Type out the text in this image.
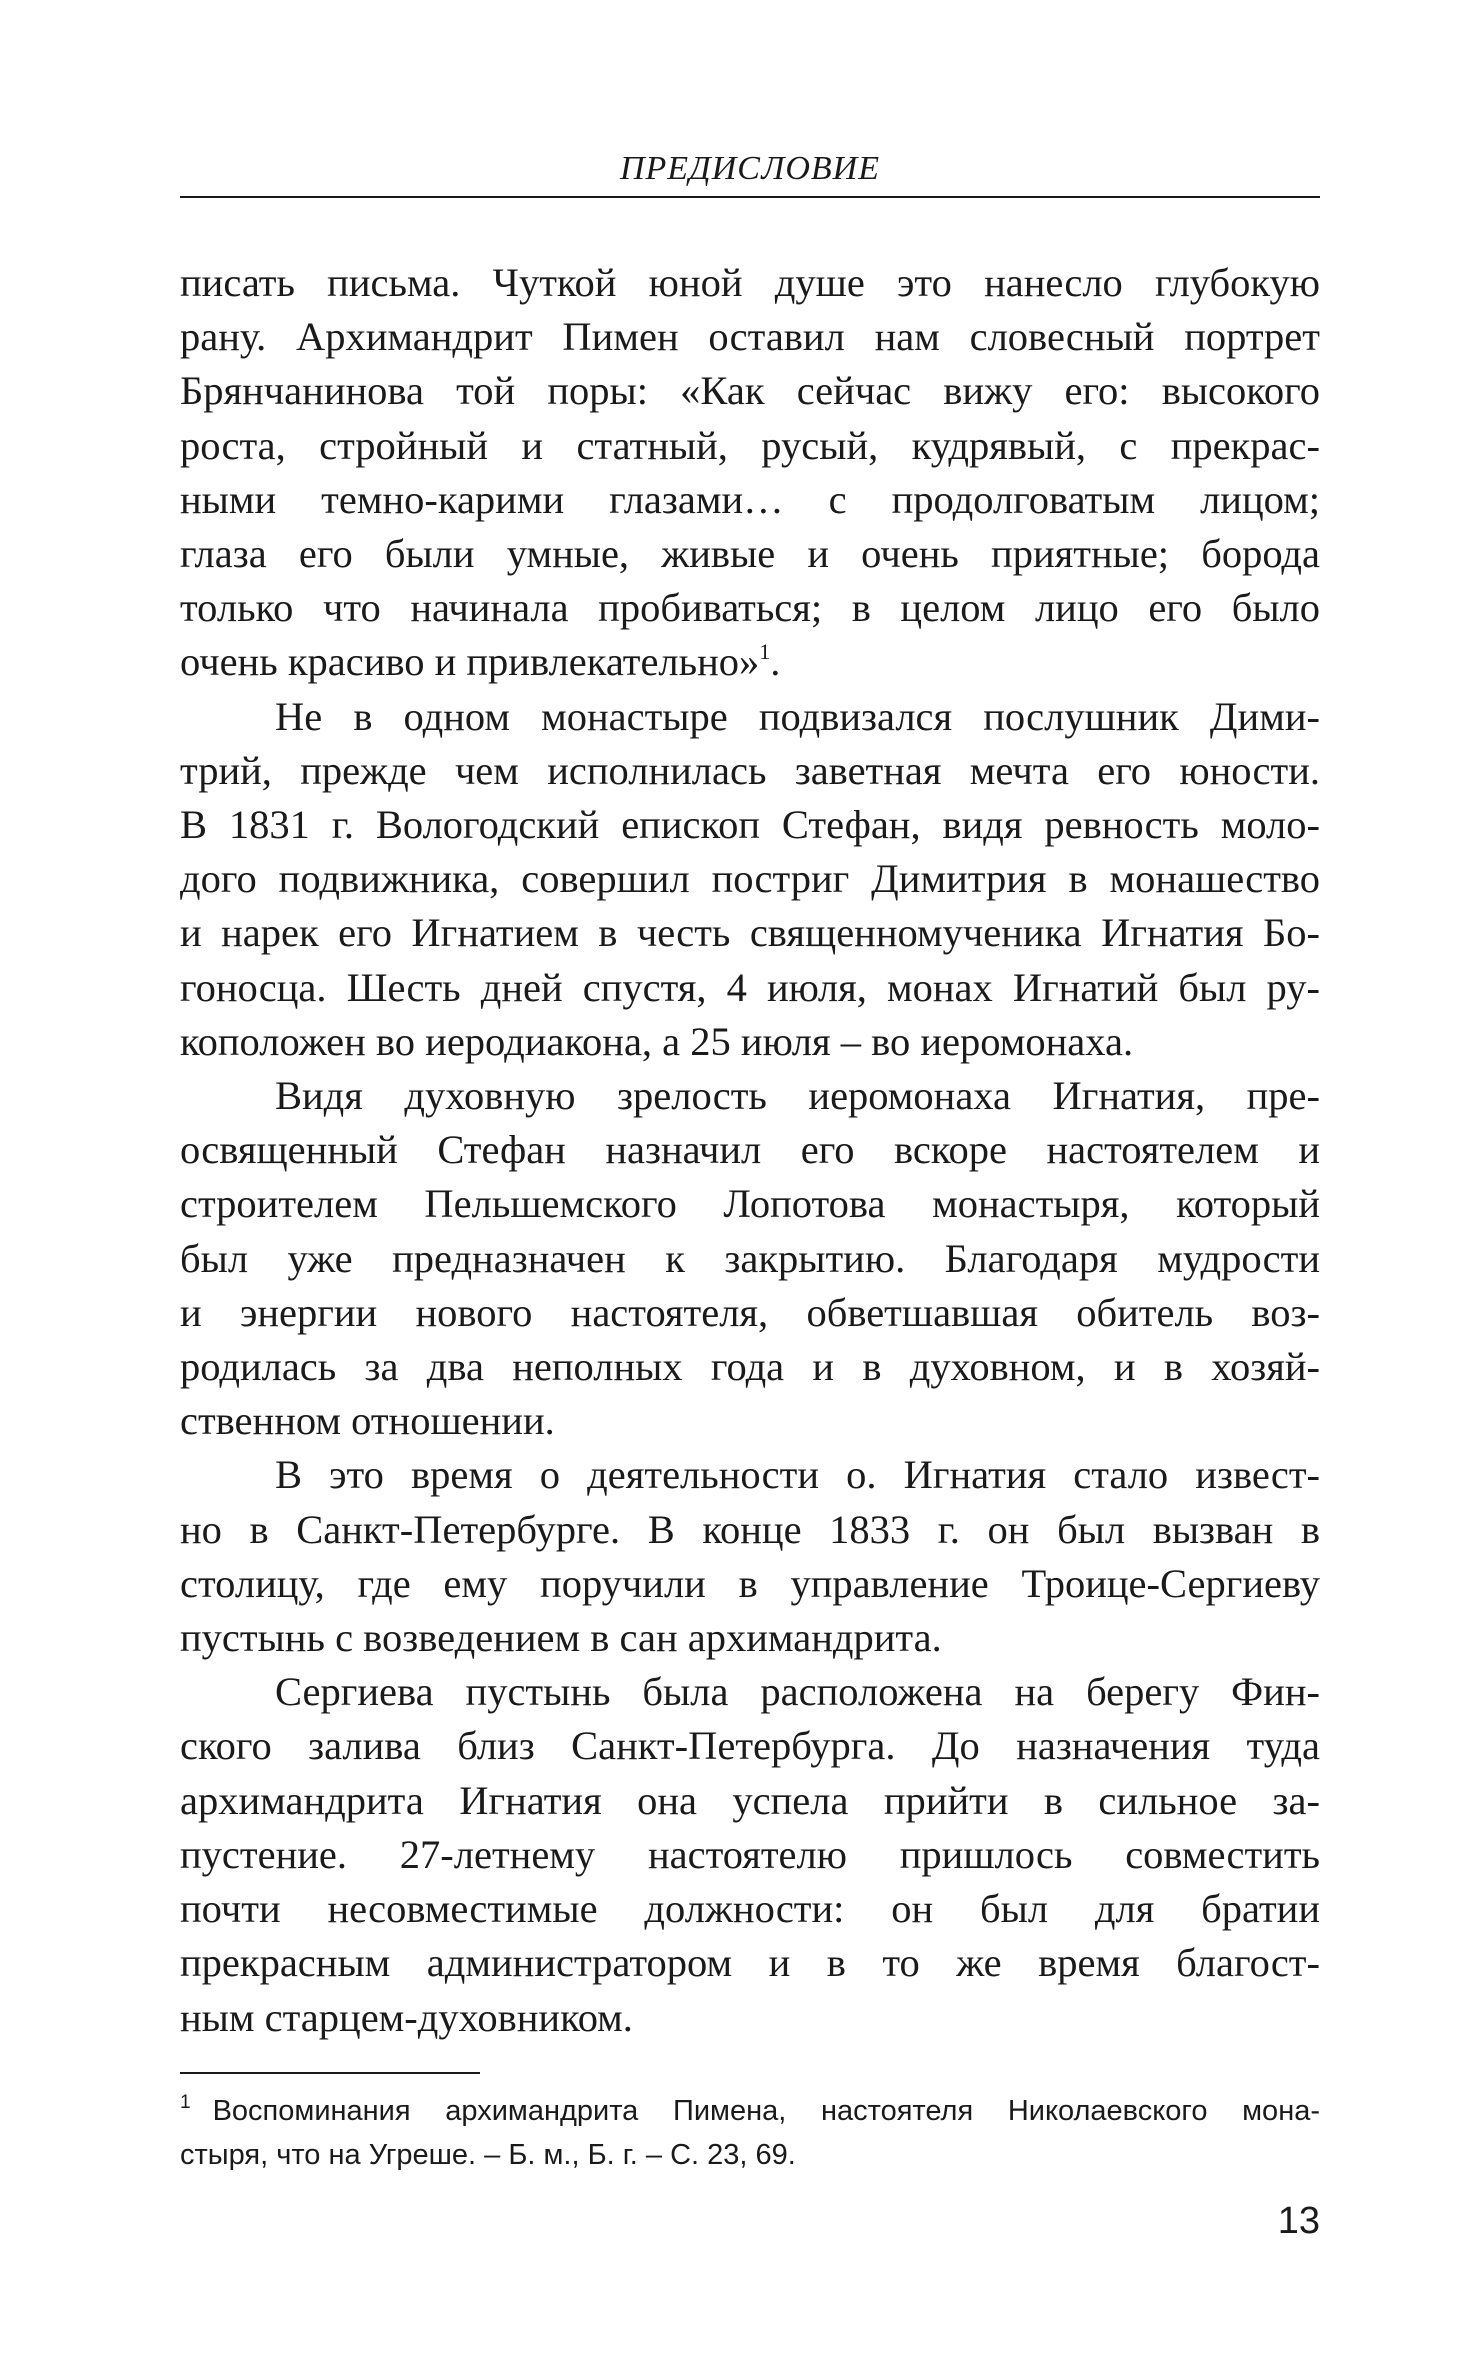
ПРЕДИСЛОВИЕ

писать письма. Чуткой юной душе это нанесло глубокую
рану. Архимандрит Пимен оставил нам словесный портрет
Брянчанинова той поры: «Как сейчас вижу его: высокого
роста, стройный и статный, русый, кудрявый, с прекрас-
ными темно-карими глазами… с продолговатым лицом;
глаза его были умные, живые и очень приятные; борода
только что начинала пробиваться; в целом лицо его было
очень красиво и привлекательно»$^1$.

Не в одном монастыре подвизался послушник Дими-
трий, прежде чем исполнилась заветная мечта его юности.
В 1831 г. Вологодский епископ Стефан, видя ревность моло-
дого подвижника, совершил постриг Димитрия в монашество
и нарек его Игнатием в честь священномученика Игнатия Бо-
гоносца. Шесть дней спустя, 4 июля, монах Игнатий был ру-
коположен во иеродиакона, а 25 июля – во иеромонаха.

Видя духовную зрелость иеромонаха Игнатия, пре-
освященный Стефан назначил его вскоре настоятелем и
строителем Пельшемского Лопотова монастыря, который
был уже предназначен к закрытию. Благодаря мудрости
и энергии нового настоятеля, обветшавшая обитель воз-
родилась за два неполных года и в духовном, и в хозяй-
ственном отношении.

В это время о деятельности о. Игнатия стало извест-
но в Санкт-Петербурге. В конце 1833 г. он был вызван в
столицу, где ему поручили в управление Троице-Сергиеву
пустынь с возведением в сан архимандрита.

Сергиева пустынь была расположена на берегу Фин-
ского залива близ Санкт-Петербурга. До назначения туда
архимандрита Игнатия она успела прийти в сильное за-
пустение. 27-летнему настоятелю пришлось совместить
почти несовместимые должности: он был для братии
прекрасным администратором и в то же время благост-
ным старцем-духовником.

$^1$ Воспоминания архимандрита Пимена, настоятеля Николаевского мона-
стыря, что на Угреше. – Б. м., Б. г. – С. 23, 69.
13
